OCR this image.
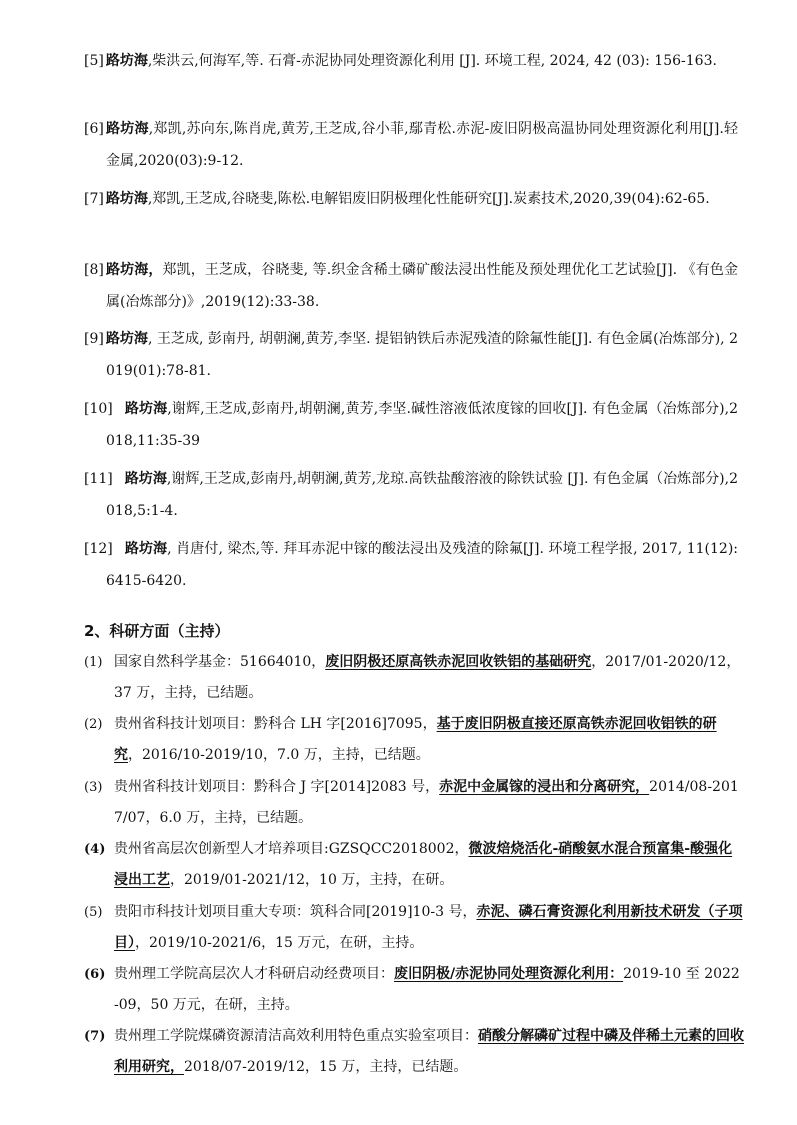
[5] 路坊海,柴洪云,何海军,等. 石膏-赤泥协同处理资源化利用 [J]. 环境工程, 2024, 42 (03): 156-163.
[6] 路坊海,郑凯,苏向东,陈肖虎,黄芳,王芝成,谷小菲,鄢青松.赤泥-废旧阴极高温协同处理资源化利用[J].轻金属,2020(03):9-12.
[7] 路坊海,郑凯,王芝成,谷晓斐,陈松.电解铝废旧阴极理化性能研究[J].炭素技术,2020,39(04):62-65.
[8] 路坊海，郑凯，王芝成，谷晓斐, 等.织金含稀土磷矿酸法浸出性能及预处理优化工艺试验[J]. 《有色金属(冶炼部分)》,2019(12):33-38.
[9] 路坊海, 王芝成, 彭南丹, 胡朝澜,黄芳,李坚. 提铝钠铁后赤泥残渣的除氟性能[J]. 有色金属(冶炼部分), 2019(01):78-81.
[10] 路坊海,谢辉,王芝成,彭南丹,胡朝澜,黄芳,李坚.碱性溶液低浓度镓的回收[J]. 有色金属（冶炼部分),2018,11:35-39
[11] 路坊海,谢辉,王芝成,彭南丹,胡朝澜,黄芳,龙琼.高铁盐酸溶液的除铁试验 [J]. 有色金属（冶炼部分),2018,5:1-4.
[12] 路坊海, 肖唐付, 梁杰,等. 拜耳赤泥中镓的酸法浸出及残渣的除氟[J]. 环境工程学报, 2017, 11(12):6415-6420.
2、科研方面（主持）
(1) 国家自然科学基金：51664010，废旧阴极还原高铁赤泥回收铁铝的基础研究，2017/01-2020/12，37 万，主持，已结题。
(2) 贵州省科技计划项目：黔科合 LH 字[2016]7095，基于废旧阴极直接还原高铁赤泥回收铝铁的研究，2016/10-2019/10，7.0 万，主持，已结题。
(3) 贵州省科技计划项目：黔科合 J 字[2014]2083 号，赤泥中金属镓的浸出和分离研究，2014/08-2017/07，6.0 万，主持，已结题。
(4) 贵州省高层次创新型人才培养项目:GZSQCC2018002，微波焙烧活化-硝酸氨水混合预富集-酸强化浸出工艺，2019/01-2021/12，10 万，主持，在研。
(5) 贵阳市科技计划项目重大专项：筑科合同[2019]10-3 号，赤泥、磷石膏资源化利用新技术研发（子项目），2019/10-2021/6，15 万元，在研，主持。
(6) 贵州理工学院高层次人才科研启动经费项目：废旧阴极/赤泥协同处理资源化利用：2019-10 至 2022-09，50 万元，在研，主持。
(7) 贵州理工学院煤磷资源清洁高效利用特色重点实验室项目：硝酸分解磷矿过程中磷及伴稀土元素的回收利用研究，2018/07-2019/12，15 万，主持，已结题。
